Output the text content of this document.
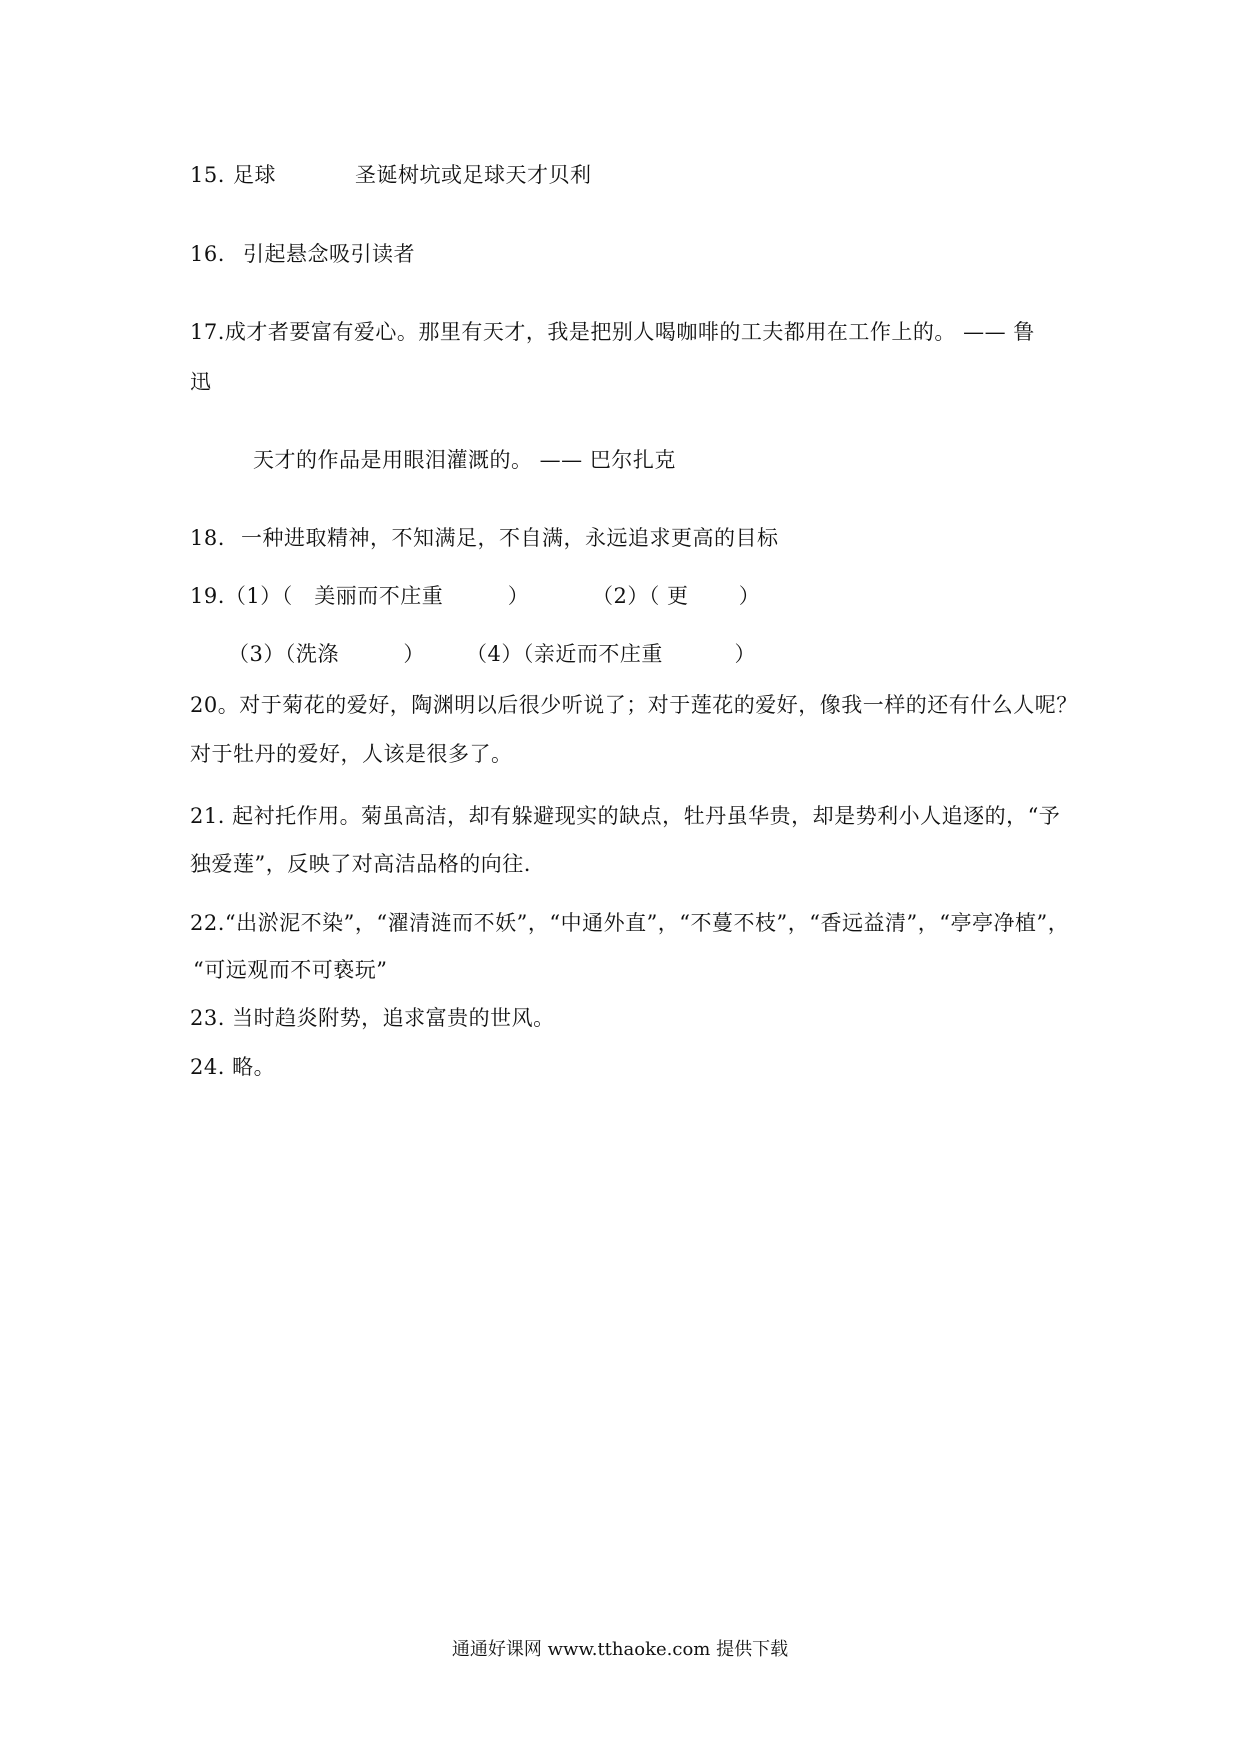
15. 足球	圣诞树坑或足球天才贝利
16. 引起悬念吸引读者
17.成才者要富有爱心。那里有天才，我是把别人喝咖啡的工夫都用在工作上的。 —— 鲁
迅
天才的作品是用眼泪灌溉的。 —— 巴尔扎克
18. 一种进取精神，不知满足，不自满，永远追求更高的目标
19.（1）（　美丽而不庄重　　　）	（2）（ 更　　 ）
（3）（洗涤　　　） （4）（亲近而不庄重　　　 ）
20。对于菊花的爱好，陶渊明以后很少听说了；对于莲花的爱好，像我一样的还有什么人呢？
对于牡丹的爱好，人该是很多了。
21. 起衬托作用。菊虽高洁，却有躲避现实的缺点，牡丹虽华贵，却是势利小人追逐的，“予
独爱莲”，反映了对高洁品格的向往.
22.“出淤泥不染”，“濯清涟而不妖”，“中通外直”，“不蔓不枝”，“香远益清”，“亭亭净植”，
“可远观而不可亵玩”
23. 当时趋炎附势，追求富贵的世风。
24. 略。
通通好课网 www.tthaoke.com 提供下载
